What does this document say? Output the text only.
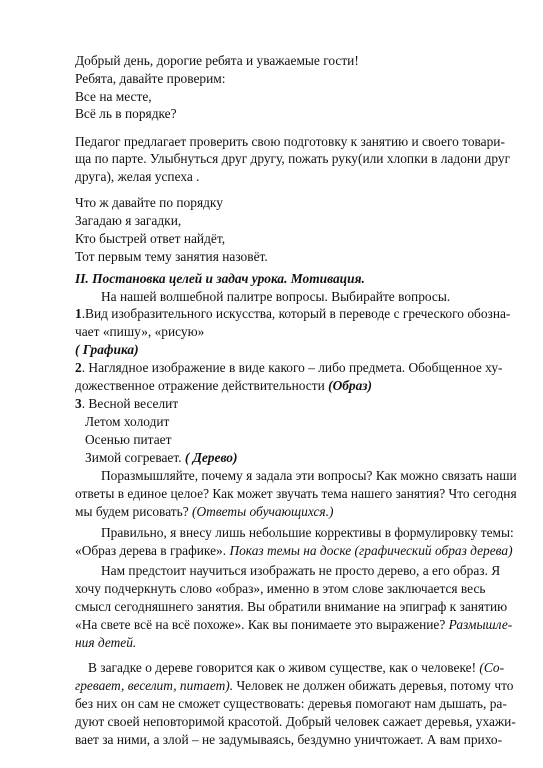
Добрый день, дорогие ребята и уважаемые гости!
Ребята, давайте проверим:
Все на месте,
Всё ль в порядке?
Педагог предлагает проверить свою подготовку к занятию и своего товари-
ща по парте. Улыбнуться друг другу, пожать руку(или хлопки в ладони друг
друга), желая успеха .
Что ж давайте по порядку
Загадаю я загадки,
Кто быстрей ответ найдёт,
Тот первым тему занятия назовёт.
II. Постановка целей и задач урока. Мотивация.
На нашей волшебной палитре вопросы. Выбирайте вопросы.
1.Вид изобразительного искусства, который в переводе с греческого обозна-
чает «пишу», «рисую»
( Графика)
2. Наглядное изображение в виде какого – либо предмета. Обобщенное ху-
дожественное отражение действительности (Образ)
3. Весной веселит
Летом холодит
Осенью питает
Зимой согревает. ( Дерево)
Поразмышляйте, почему я задала эти вопросы? Как можно связать наши
ответы в единое целое? Как может звучать тема нашего занятия? Что сегодня
мы будем рисовать? (Ответы обучающихся.)
Правильно, я внесу лишь небольшие коррективы в формулировку темы:
«Образ дерева в графике». Показ темы на доске (графический образ дерева)
Нам предстоит научиться изображать не просто дерево, а его образ. Я
хочу подчеркнуть слово «образ», именно в этом слове заключается весь
смысл сегодняшнего занятия. Вы обратили внимание на эпиграф к занятию
«На свете всё на всё похоже». Как вы понимаете это выражение? Размышле-
ния детей.
В загадке о дереве говорится как о живом существе, как о человеке! (Со-
гревает, веселит, питает). Человек не должен обижать деревья, потому что
без них он сам не сможет существовать: деревья помогают нам дышать, ра-
дуют своей неповторимой красотой. Добрый человек сажает деревья, ухажи-
вает за ними, а злой – не задумываясь, бездумно уничтожает. А вам прихо-
